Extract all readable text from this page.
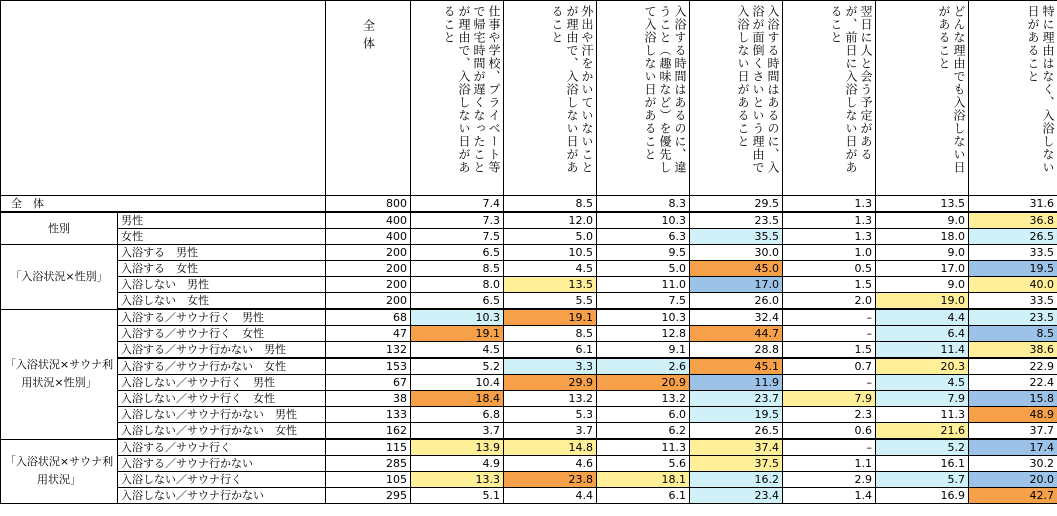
		全体	仕事や学校、プライベート等で帰宅時間が遅くなったことが理由で、入浴しない日があること	外出や汗をかいていないことが理由で、入浴しない日があること	入浴する時間はあるのに、違うこと（趣味など）を優先して入浴しない日があること	入浴する時間はあるのに、入浴が面倒くさいという理由で入浴しない日があること	翌日に人と会う予定があるが、前日に入浴しない日があること	どんな理由でも入浴しない日があること	特に理由はなく、入浴しない日があること

全　体		800	7.4	8.5	8.3	29.5	1.3	13.5	31.6
性別	男性	400	7.3	12.0	10.3	23.5	1.3	9.0	36.8
	女性	400	7.5	5.0	6.3	35.5	1.3	18.0	26.5
「入浴状況×性別」	入浴する　男性	200	6.5	10.5	9.5	30.0	1.0	9.0	33.5
	入浴する　女性	200	8.5	4.5	5.0	45.0	0.5	17.0	19.5
	入浴しない　男性	200	8.0	13.5	11.0	17.0	1.5	9.0	40.0
	入浴しない　女性	200	6.5	5.5	7.5	26.0	2.0	19.0	33.5
「入浴状況×サウナ利用状況×性別」	入浴する／サウナ行く　男性	68	10.3	19.1	10.3	32.4	–	4.4	23.5
	入浴する／サウナ行く　女性	47	19.1	8.5	12.8	44.7	–	6.4	8.5
	入浴する／サウナ行かない　男性	132	4.5	6.1	9.1	28.8	1.5	11.4	38.6
	入浴する／サウナ行かない　女性	153	5.2	3.3	2.6	45.1	0.7	20.3	22.9
	入浴しない／サウナ行く　男性	67	10.4	29.9	20.9	11.9	–	4.5	22.4
	入浴しない／サウナ行く　女性	38	18.4	13.2	13.2	23.7	7.9	7.9	15.8
	入浴しない／サウナ行かない　男性	133	6.8	5.3	6.0	19.5	2.3	11.3	48.9
	入浴しない／サウナ行かない　女性	162	3.7	3.7	6.2	26.5	0.6	21.6	37.7
「入浴状況×サウナ利用状況」	入浴する／サウナ行く	115	13.9	14.8	11.3	37.4	–	5.2	17.4
	入浴する／サウナ行かない	285	4.9	4.6	5.6	37.5	1.1	16.1	30.2
	入浴しない／サウナ行く	105	13.3	23.8	18.1	16.2	2.9	5.7	20.0
	入浴しない／サウナ行かない	295	5.1	4.4	6.1	23.4	1.4	16.9	42.7
